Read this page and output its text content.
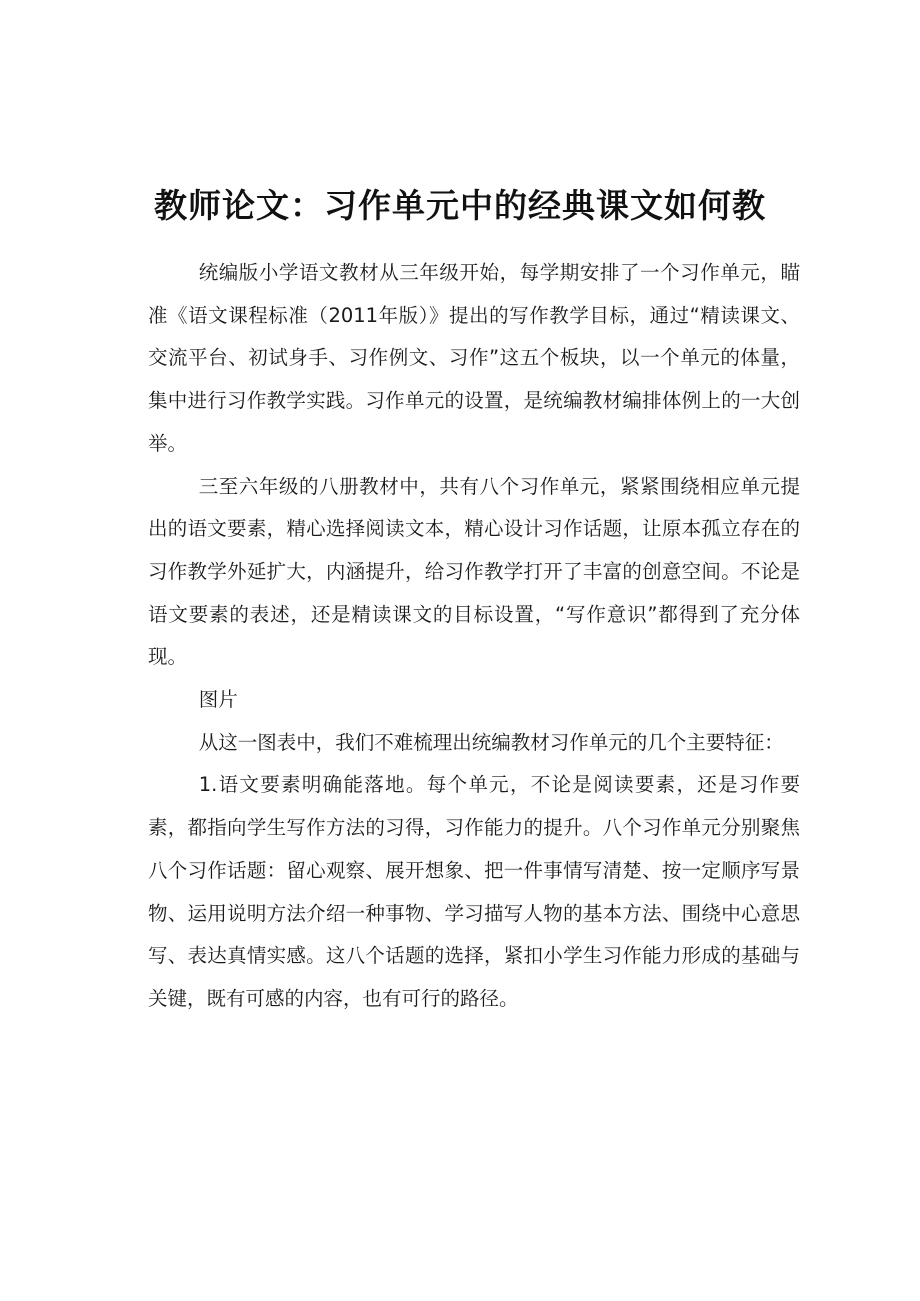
教师论文：习作单元中的经典课文如何教

统编版小学语文教材从三年级开始，每学期安排了一个习作单元，瞄准《语文课程标准（2011年版）》提出的写作教学目标，通过“精读课文、交流平台、初试身手、习作例文、习作”这五个板块，以一个单元的体量，集中进行习作教学实践。习作单元的设置，是统编教材编排体例上的一大创举。

三至六年级的八册教材中，共有八个习作单元，紧紧围绕相应单元提出的语文要素，精心选择阅读文本，精心设计习作话题，让原本孤立存在的习作教学外延扩大，内涵提升，给习作教学打开了丰富的创意空间。不论是语文要素的表述，还是精读课文的目标设置，“写作意识”都得到了充分体现。

图片

从这一图表中，我们不难梳理出统编教材习作单元的几个主要特征：

1.语文要素明确能落地。每个单元，不论是阅读要素，还是习作要素，都指向学生写作方法的习得，习作能力的提升。八个习作单元分别聚焦八个习作话题：留心观察、展开想象、把一件事情写清楚、按一定顺序写景物、运用说明方法介绍一种事物、学习描写人物的基本方法、围绕中心意思写、表达真情实感。这八个话题的选择，紧扣小学生习作能力形成的基础与关键，既有可感的内容，也有可行的路径。
